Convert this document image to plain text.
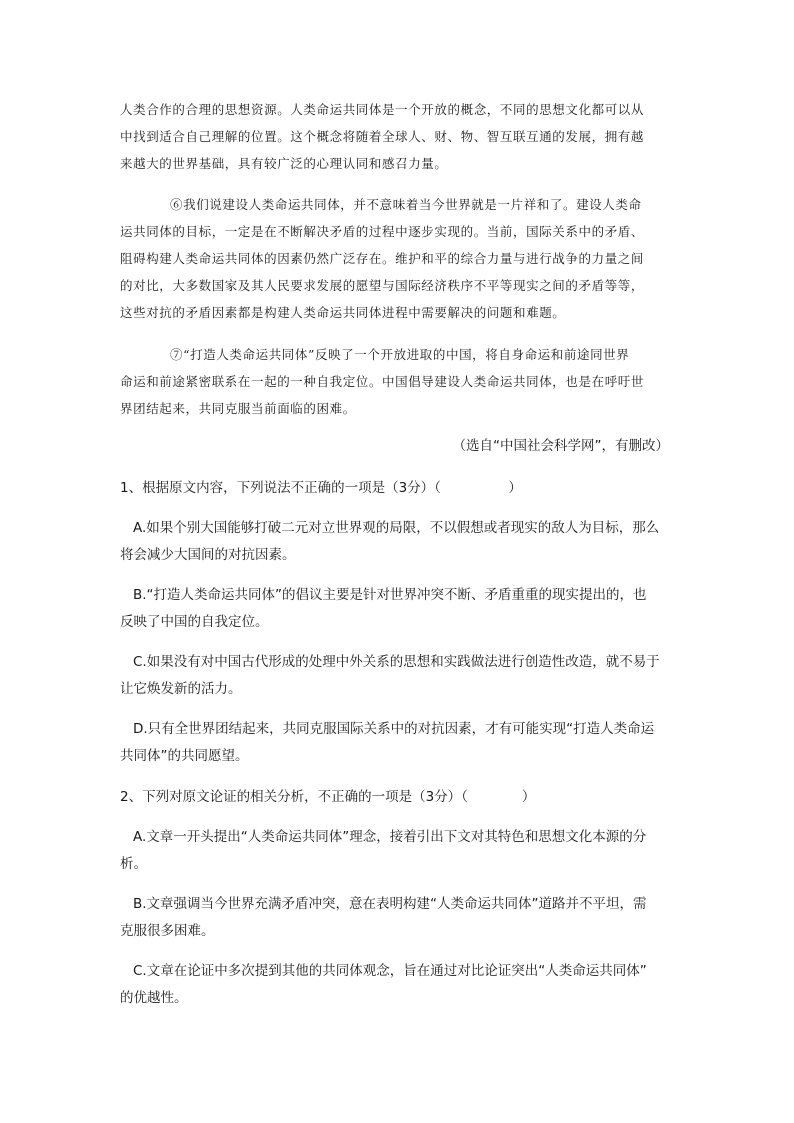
人类合作的合理的思想资源。人类命运共同体是一个开放的概念，不同的思想文化都可以从
中找到适合自己理解的位置。这个概念将随着全球人、财、物、智互联互通的发展，拥有越
来越大的世界基础，具有较广泛的心理认同和感召力量。
⑥我们说建设人类命运共同体，并不意味着当今世界就是一片祥和了。建设人类命
运共同体的目标，一定是在不断解决矛盾的过程中逐步实现的。当前，国际关系中的矛盾、
阻碍构建人类命运共同体的因素仍然广泛存在。维护和平的综合力量与进行战争的力量之间
的对比，大多数国家及其人民要求发展的愿望与国际经济秩序不平等现实之间的矛盾等等，
这些对抗的矛盾因素都是构建人类命运共同体进程中需要解决的问题和难题。
⑦“打造人类命运共同体”反映了一个开放进取的中国，将自身命运和前途同世界
命运和前途紧密联系在一起的一种自我定位。中国倡导建设人类命运共同体，也是在呼吁世
界团结起来，共同克服当前面临的困难。

（选自“中国社会科学网”，有删改）

1、根据原文内容，下列说法不正确的一项是（3分）（　　　　　）

A.如果个别大国能够打破二元对立世界观的局限，不以假想或者现实的敌人为目标，那么
将会减少大国间的对抗因素。
B.“打造人类命运共同体”的倡议主要是针对世界冲突不断、矛盾重重的现实提出的，也
反映了中国的自我定位。
C.如果没有对中国古代形成的处理中外关系的思想和实践做法进行创造性改造，就不易于
让它焕发新的活力。
D.只有全世界团结起来，共同克服国际关系中的对抗因素，才有可能实现“打造人类命运
共同体”的共同愿望。

2、下列对原文论证的相关分析，不正确的一项是（3分）（　　　　）

A.文章一开头提出“人类命运共同体”理念，接着引出下文对其特色和思想文化本源的分
析。
B.文章强调当今世界充满矛盾冲突，意在表明构建“人类命运共同体”道路并不平坦，需
克服很多困难。
C.文章在论证中多次提到其他的共同体观念，旨在通过对比论证突出“人类命运共同体”
的优越性。
